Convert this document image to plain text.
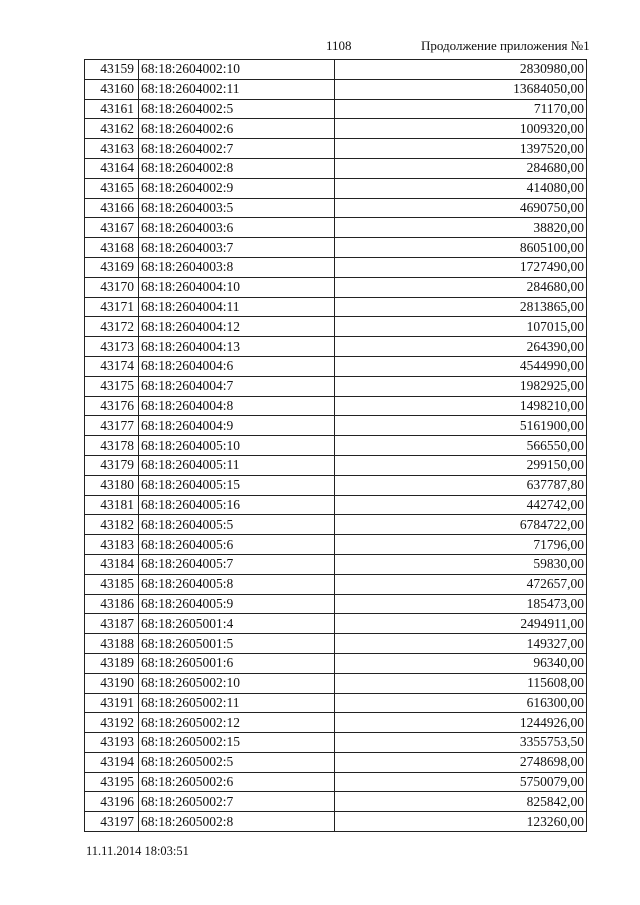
1108	Продолжение приложения №1
43159	68:18:2604002:10	2830980,00
43160	68:18:2604002:11	13684050,00
43161	68:18:2604002:5	71170,00
43162	68:18:2604002:6	1009320,00
43163	68:18:2604002:7	1397520,00
43164	68:18:2604002:8	284680,00
43165	68:18:2604002:9	414080,00
43166	68:18:2604003:5	4690750,00
43167	68:18:2604003:6	38820,00
43168	68:18:2604003:7	8605100,00
43169	68:18:2604003:8	1727490,00
43170	68:18:2604004:10	284680,00
43171	68:18:2604004:11	2813865,00
43172	68:18:2604004:12	107015,00
43173	68:18:2604004:13	264390,00
43174	68:18:2604004:6	4544990,00
43175	68:18:2604004:7	1982925,00
43176	68:18:2604004:8	1498210,00
43177	68:18:2604004:9	5161900,00
43178	68:18:2604005:10	566550,00
43179	68:18:2604005:11	299150,00
43180	68:18:2604005:15	637787,80
43181	68:18:2604005:16	442742,00
43182	68:18:2604005:5	6784722,00
43183	68:18:2604005:6	71796,00
43184	68:18:2604005:7	59830,00
43185	68:18:2604005:8	472657,00
43186	68:18:2604005:9	185473,00
43187	68:18:2605001:4	2494911,00
43188	68:18:2605001:5	149327,00
43189	68:18:2605001:6	96340,00
43190	68:18:2605002:10	115608,00
43191	68:18:2605002:11	616300,00
43192	68:18:2605002:12	1244926,00
43193	68:18:2605002:15	3355753,50
43194	68:18:2605002:5	2748698,00
43195	68:18:2605002:6	5750079,00
43196	68:18:2605002:7	825842,00
43197	68:18:2605002:8	123260,00
11.11.2014 18:03:51
